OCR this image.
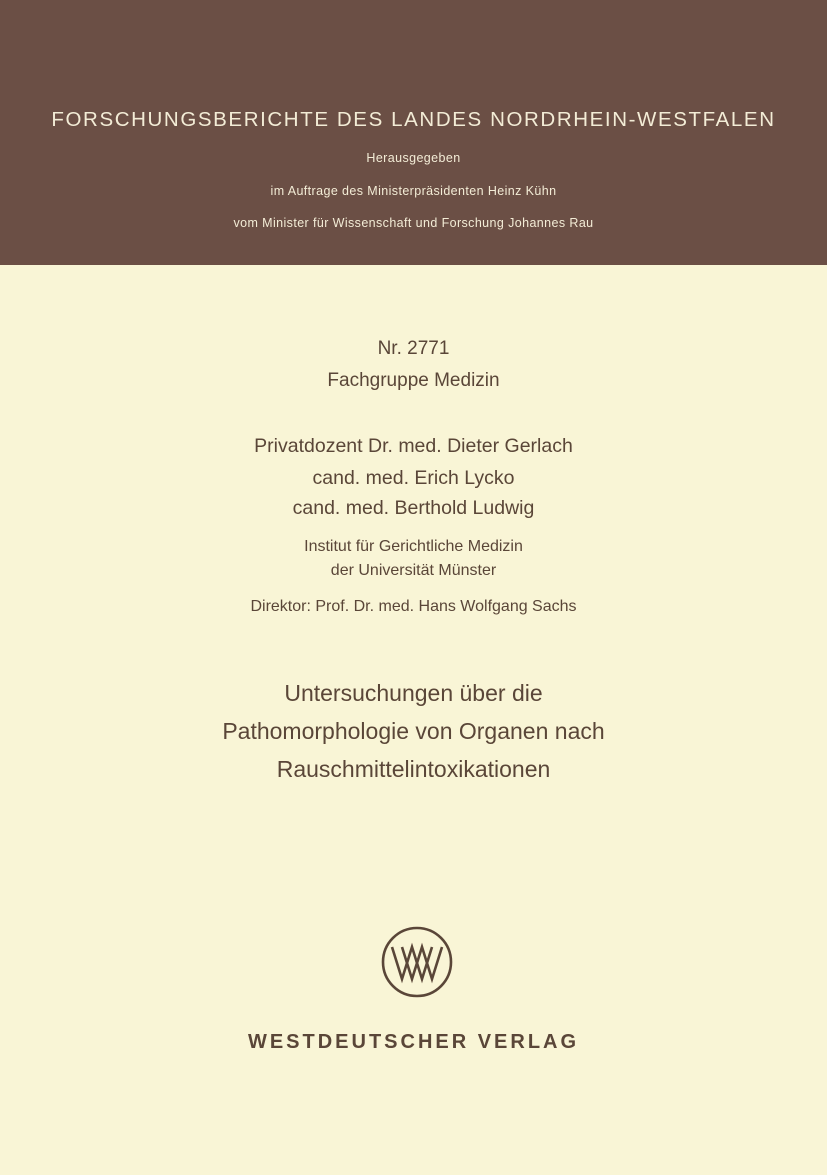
FORSCHUNGSBERICHTE DES LANDES NORDRHEIN-WESTFALEN
Herausgegeben
im Auftrage des Ministerpräsidenten Heinz Kühn
vom Minister für Wissenschaft und Forschung Johannes Rau
Nr. 2771
Fachgruppe Medizin
Privatdozent Dr. med. Dieter Gerlach
cand. med. Erich Lycko
cand. med. Berthold Ludwig
Institut für Gerichtliche Medizin
der Universität Münster
Direktor: Prof. Dr. med. Hans Wolfgang Sachs
Untersuchungen über die
Pathomorphologie von Organen nach
Rauschmittelintoxikationen
WESTDEUTSCHER VERLAG
